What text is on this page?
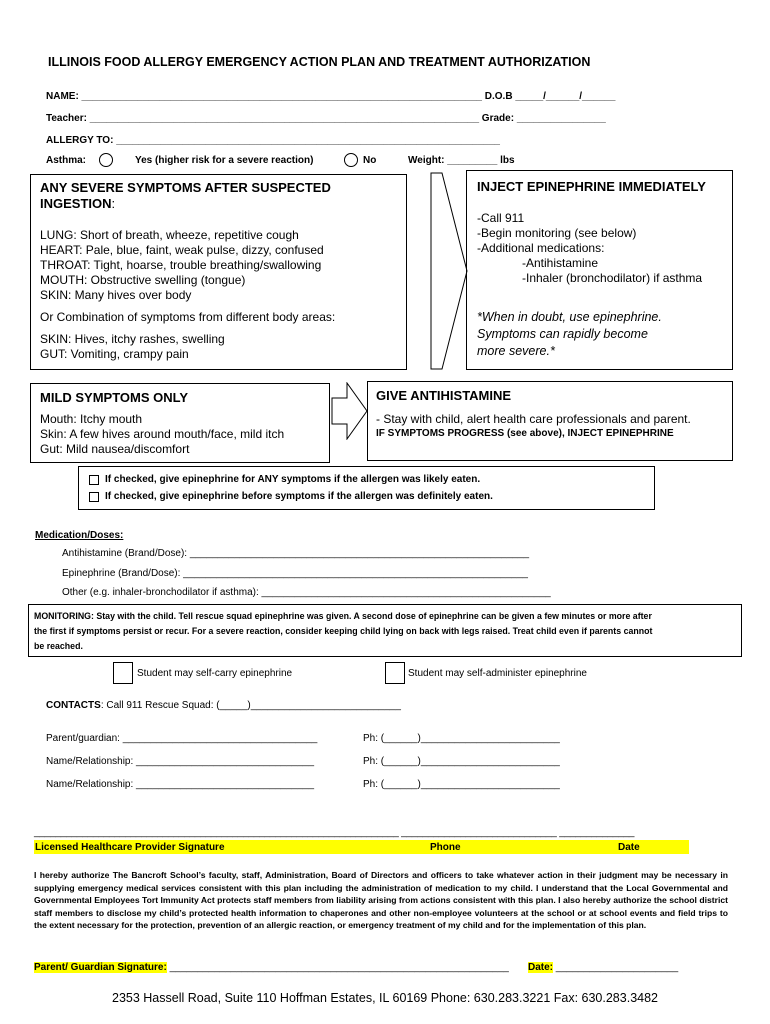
ILLINOIS FOOD ALLERGY EMERGENCY ACTION PLAN AND TREATMENT AUTHORIZATION
NAME: ________________________________________________________________________ D.O.B _____/______/______
Teacher: ______________________________________________________________________ Grade: ________________
ALLERGY TO: _____________________________________________________________________
Asthma:	Yes (higher risk for a severe reaction)	No	Weight: _________ lbs
ANY SEVERE SYMPTOMS AFTER SUSPECTED
INGESTION:
LUNG: Short of breath, wheeze, repetitive cough
HEART: Pale, blue, faint, weak pulse, dizzy, confused
THROAT: Tight, hoarse, trouble breathing/swallowing
MOUTH: Obstructive swelling (tongue)
SKIN: Many hives over body
Or Combination of symptoms from different body areas:
SKIN: Hives, itchy rashes, swelling
GUT: Vomiting, crampy pain
INJECT EPINEPHRINE IMMEDIATELY
-Call 911
-Begin monitoring (see below)
-Additional medications:
-Antihistamine
-Inhaler (bronchodilator) if asthma
*When in doubt, use epinephrine.
Symptoms can rapidly become
more severe.*
MILD SYMPTOMS ONLY
Mouth: Itchy mouth
Skin: A few hives around mouth/face, mild itch
Gut: Mild nausea/discomfort
GIVE ANTIHISTAMINE
- Stay with child, alert health care professionals and parent.
IF SYMPTOMS PROGRESS (see above), INJECT EPINEPHRINE
If checked, give epinephrine for ANY symptoms if the allergen was likely eaten.
If checked, give epinephrine before symptoms if the allergen was definitely eaten.
Medication/Doses:
Antihistamine (Brand/Dose): _____________________________________________________________
Epinephrine (Brand/Dose): ______________________________________________________________
Other (e.g. inhaler-bronchodilator if asthma): ____________________________________________________
MONITORING: Stay with the child. Tell rescue squad epinephrine was given. A second dose of epinephrine can be given a few minutes or more after
the first if symptoms persist or recur. For a severe reaction, consider keeping child lying on back with legs raised. Treat child even if parents cannot
be reached.
Student may self-carry epinephrine	Student may self-administer epinephrine
CONTACTS: Call 911 Rescue Squad: (_____)___________________________
Parent/guardian: ___________________________________	Ph: (______)_________________________
Name/Relationship: ________________________________	Ph: (______)_________________________
Name/Relationship: ________________________________	Ph: (______)_________________________
____________________________________________________________________ _____________________________ ______________
Licensed Healthcare Provider Signature	Phone	Date
I hereby authorize The Bancroft School’s faculty, staff, Administration, Board of Directors and officers to take whatever action in their judgment may be necessary in supplying emergency medical services consistent with this plan including the administration of medication to my child. I understand that the Local Governmental and Governmental Employees Tort Immunity Act protects staff members from liability arising from actions consistent with this plan. I also hereby authorize the school district staff members to disclose my child’s protected health information to chaperones and other non-employee volunteers at the school or at school events and field trips to the extent necessary for the protection, prevention of an allergic reaction, or emergency treatment of my child and for the implementation of this plan.
Parent/ Guardian Signature: _____________________________________________________________ Date: ______________________
2353 Hassell Road, Suite 110 Hoffman Estates, IL 60169 Phone: 630.283.3221 Fax: 630.283.3482
